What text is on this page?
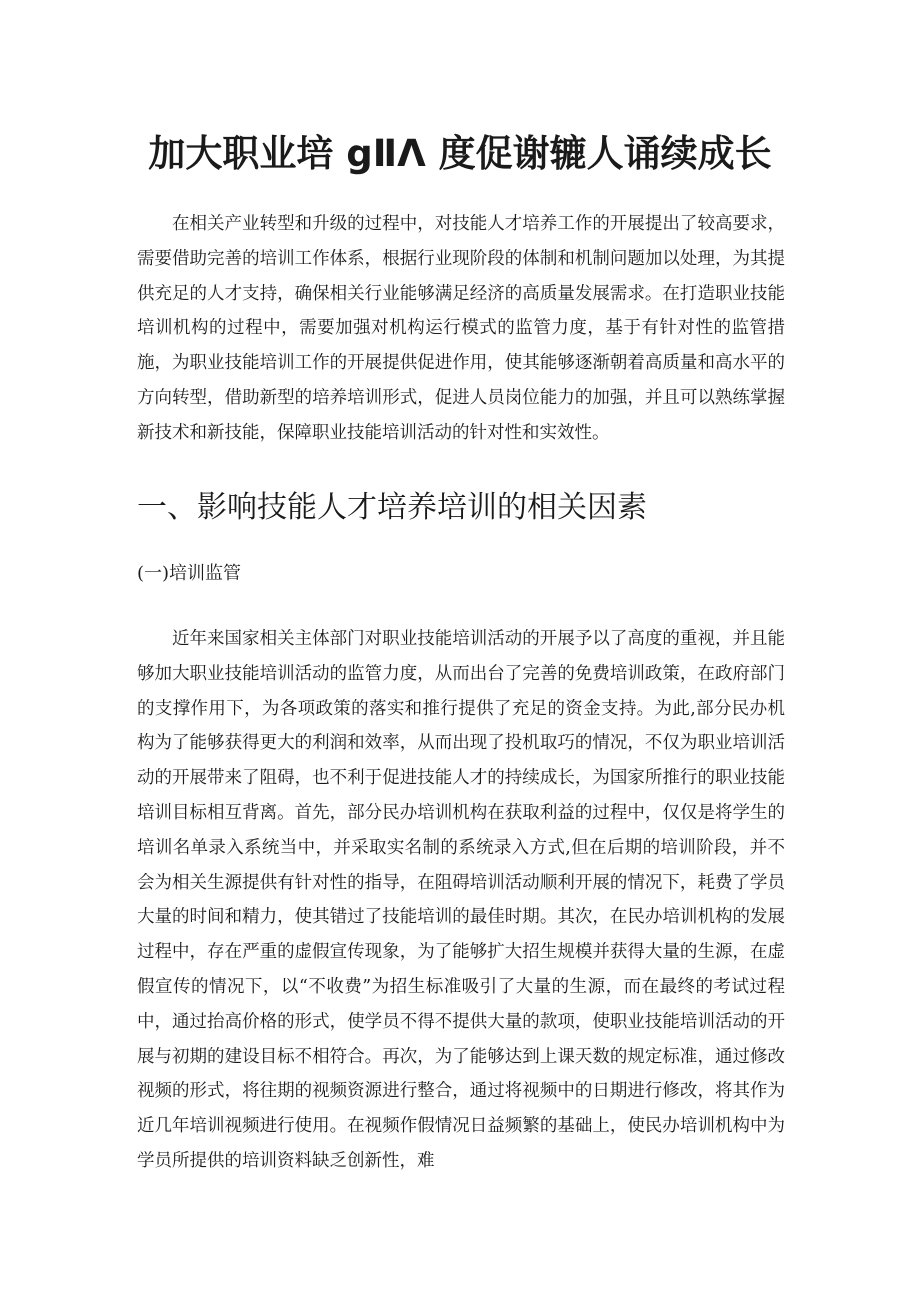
加大职业培 gⅡΛ 度促谢辘人诵续成长

在相关产业转型和升级的过程中，对技能人才培养工作的开展提出了较高要求，需要借助完善的培训工作体系，根据行业现阶段的体制和机制问题加以处理，为其提供充足的人才支持，确保相关行业能够满足经济的高质量发展需求。在打造职业技能培训机构的过程中，需要加强对机构运行模式的监管力度，基于有针对性的监管措施，为职业技能培训工作的开展提供促进作用，使其能够逐渐朝着高质量和高水平的方向转型，借助新型的培养培训形式，促进人员岗位能力的加强，并且可以熟练掌握新技术和新技能，保障职业技能培训活动的针对性和实效性。

一、影响技能人才培养培训的相关因素
(一)培训监管

近年来国家相关主体部门对职业技能培训活动的开展予以了高度的重视，并且能够加大职业技能培训活动的监管力度，从而出台了完善的免费培训政策，在政府部门的支撑作用下，为各项政策的落实和推行提供了充足的资金支持。为此,部分民办机构为了能够获得更大的利润和效率，从而出现了投机取巧的情况，不仅为职业培训活动的开展带来了阻碍，也不利于促进技能人才的持续成长，为国家所推行的职业技能培训目标相互背离。首先，部分民办培训机构在获取利益的过程中，仅仅是将学生的培训名单录入系统当中，并采取实名制的系统录入方式,但在后期的培训阶段，并不会为相关生源提供有针对性的指导，在阻碍培训活动顺利开展的情况下，耗费了学员大量的时间和精力，使其错过了技能培训的最佳时期。其次，在民办培训机构的发展过程中，存在严重的虚假宣传现象，为了能够扩大招生规模并获得大量的生源，在虚假宣传的情况下，以“不收费”为招生标准吸引了大量的生源，而在最终的考试过程中，通过抬高价格的形式，使学员不得不提供大量的款项，使职业技能培训活动的开展与初期的建设目标不相符合。再次，为了能够达到上课天数的规定标准，通过修改视频的形式，将往期的视频资源进行整合，通过将视频中的日期进行修改，将其作为近几年培训视频进行使用。在视频作假情况日益频繁的基础上，使民办培训机构中为学员所提供的培训资料缺乏创新性，难
